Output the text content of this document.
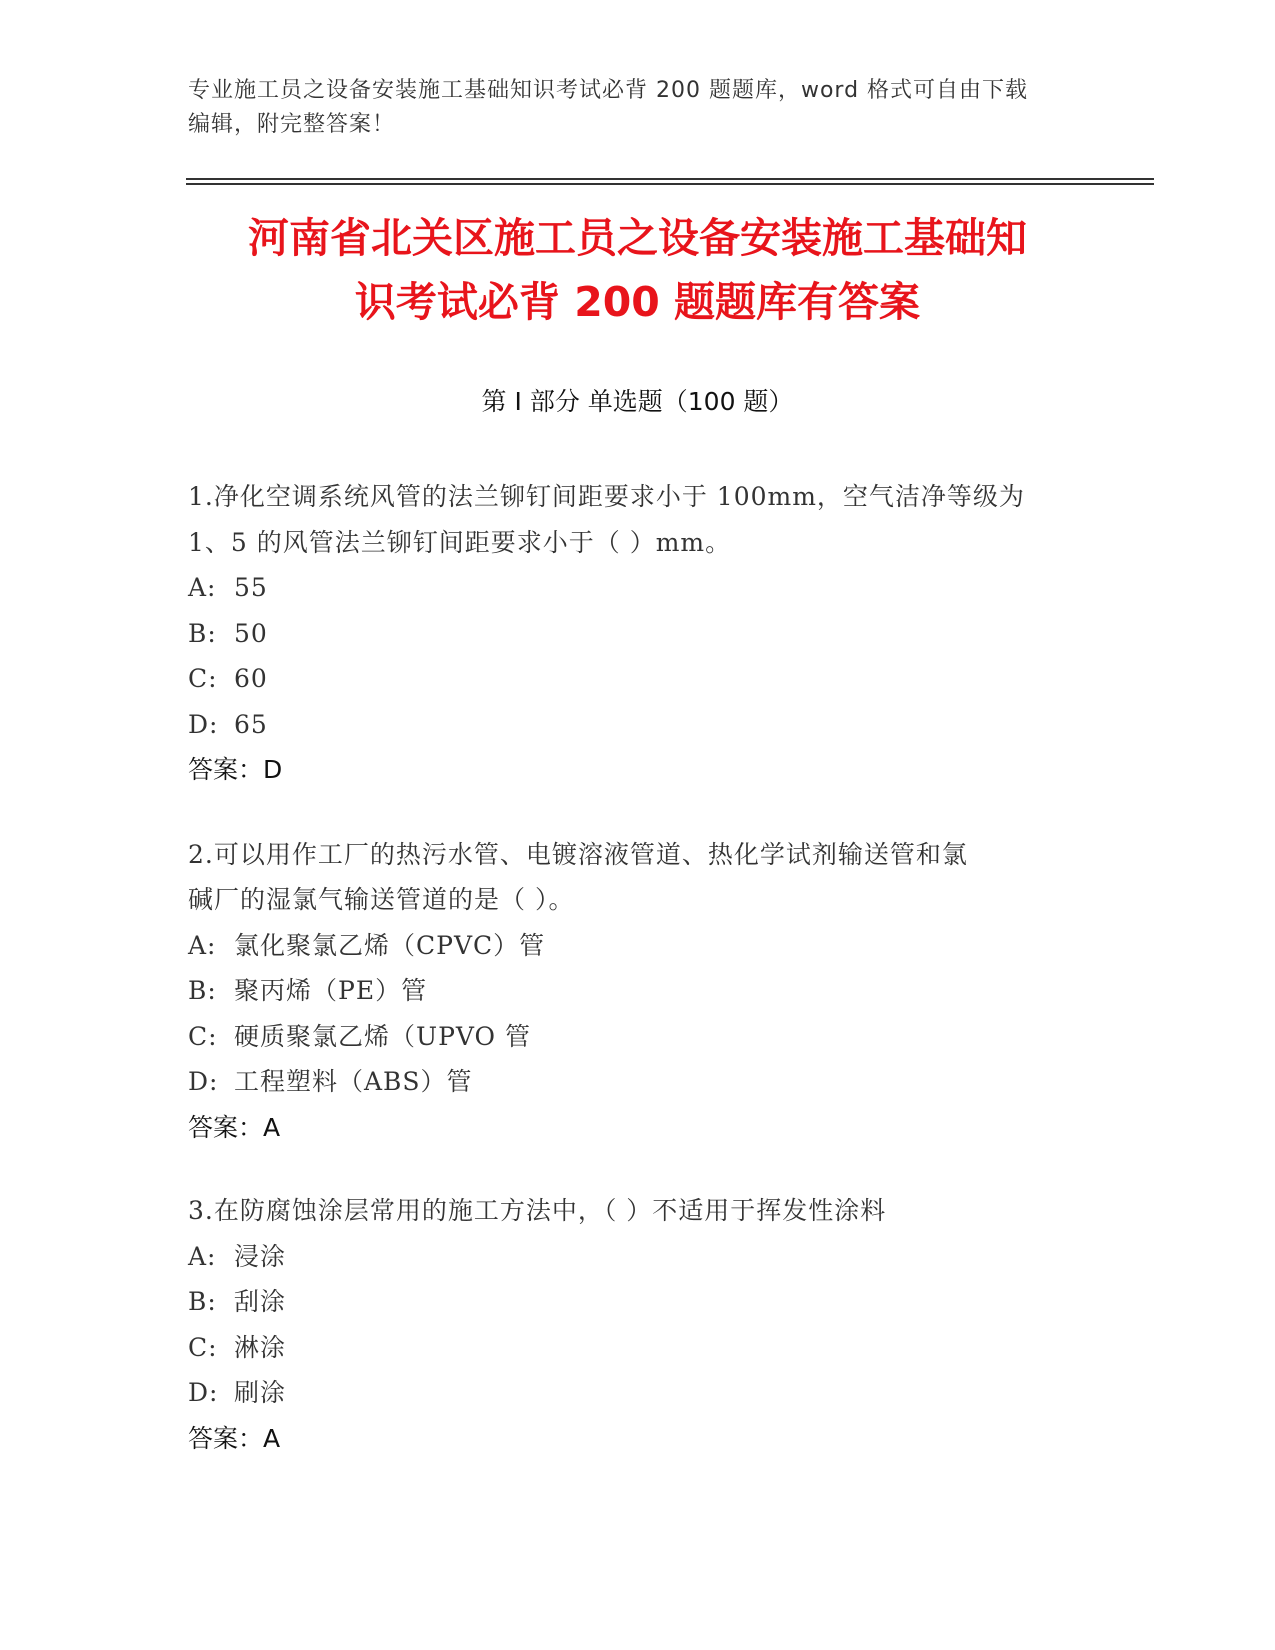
专业施工员之设备安装施工基础知识考试必背 200 题题库，word 格式可自由下载
编辑，附完整答案！
河南省北关区施工员之设备安装施工基础知
识考试必背 200 题题库有答案
第 I 部分 单选题（100 题）
1.净化空调系统风管的法兰铆钉间距要求小于 100mm，空气洁净等级为
1、5 的风管法兰铆钉间距要求小于（ ）mm。
A: 55
B: 50
C: 60
D: 65
答案：D
2.可以用作工厂的热污水管、电镀溶液管道、热化学试剂输送管和氯
碱厂的湿氯气输送管道的是（ ）。
A: 氯化聚氯乙烯（CPVC）管
B: 聚丙烯（PE）管
C: 硬质聚氯乙烯（UPVO 管
D: 工程塑料（ABS）管
答案：A
3.在防腐蚀涂层常用的施工方法中，（ ）不适用于挥发性涂料
A: 浸涂
B: 刮涂
C: 淋涂
D: 刷涂
答案：A
